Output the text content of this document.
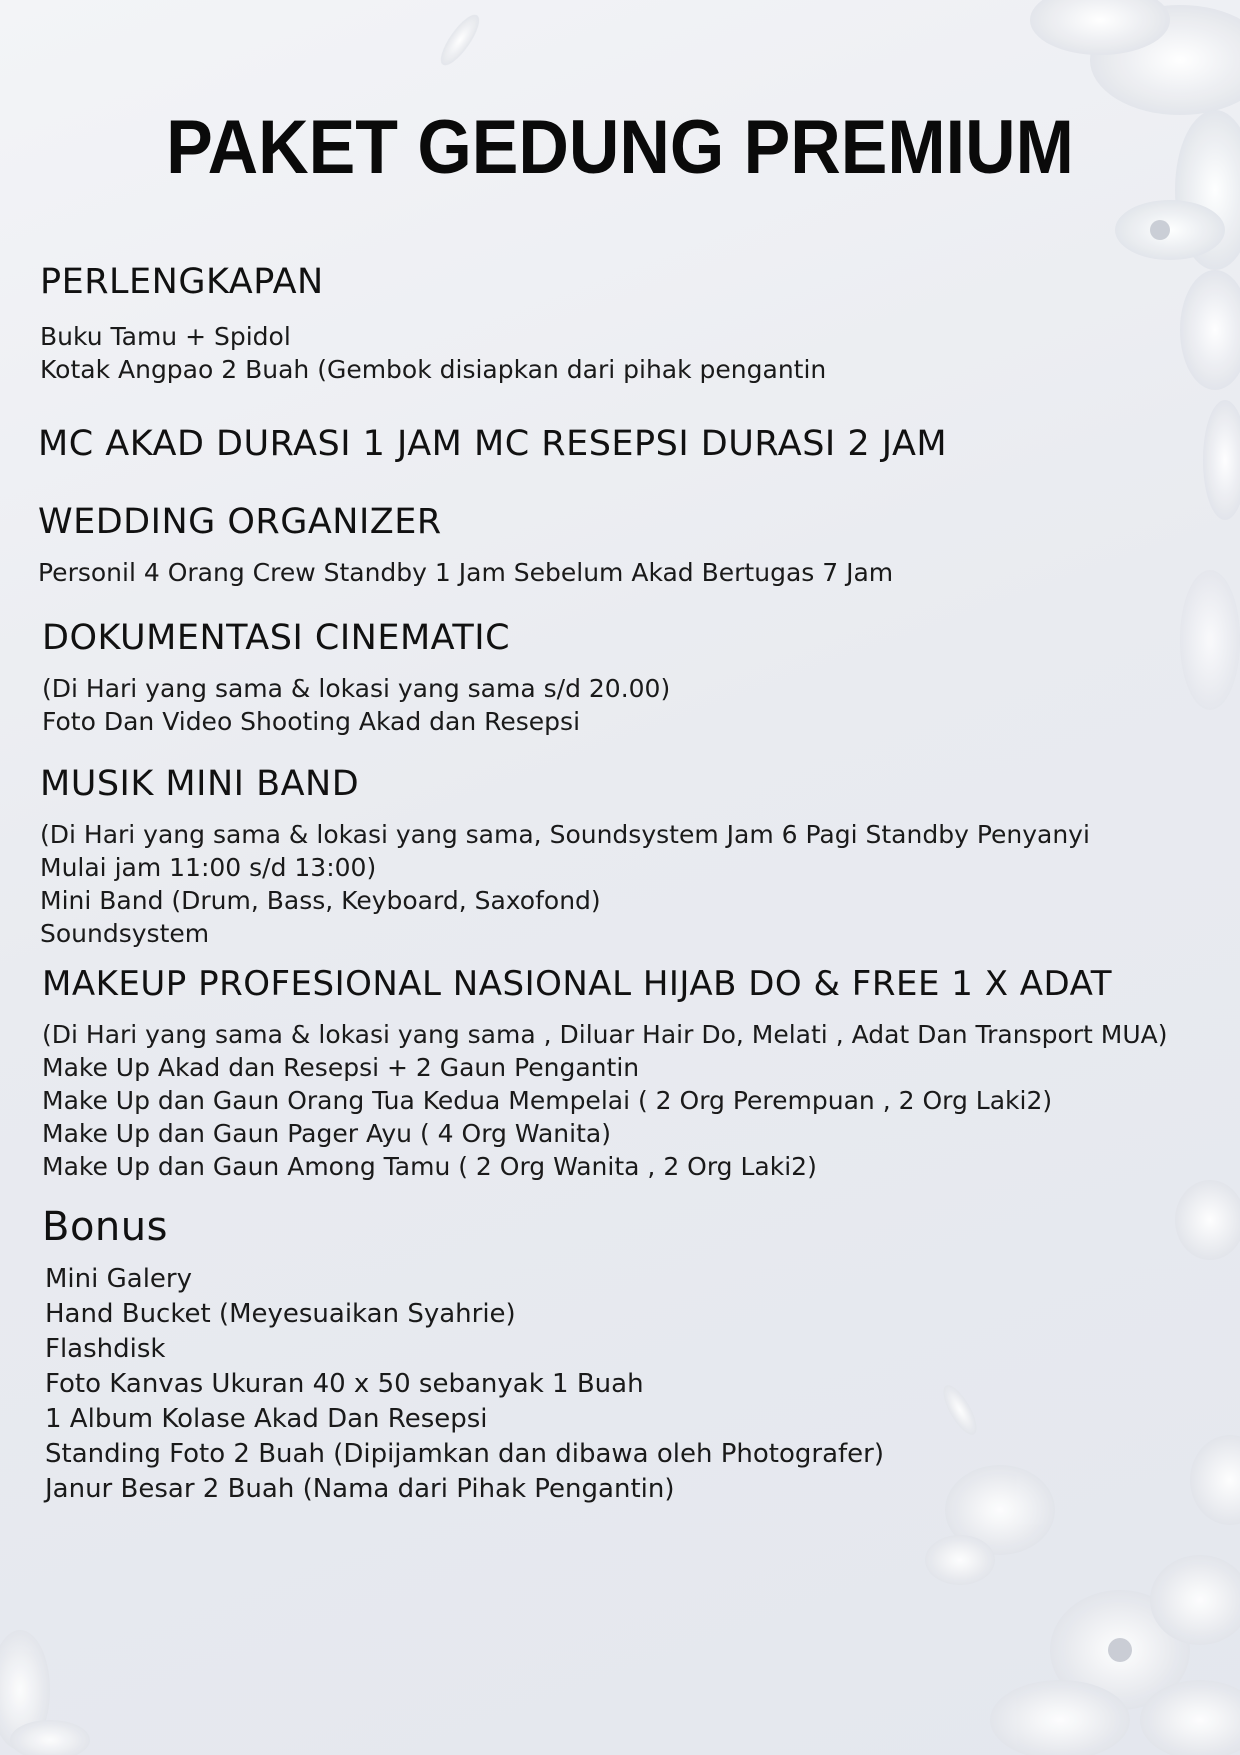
PAKET GEDUNG PREMIUM
PERLENGKAPAN
Buku Tamu + Spidol
Kotak Angpao 2 Buah (Gembok disiapkan dari pihak pengantin
MC AKAD DURASI 1 JAM MC RESEPSI DURASI 2 JAM
WEDDING ORGANIZER
Personil 4 Orang Crew Standby 1 Jam Sebelum Akad Bertugas 7 Jam
DOKUMENTASI CINEMATIC
(Di Hari yang sama & lokasi yang sama s/d 20.00)
Foto Dan Video Shooting Akad dan Resepsi
MUSIK MINI BAND
(Di Hari yang sama & lokasi yang sama, Soundsystem Jam 6 Pagi Standby Penyanyi
Mulai jam 11:00 s/d 13:00)
Mini Band (Drum, Bass, Keyboard, Saxofond)
Soundsystem
MAKEUP PROFESIONAL NASIONAL HIJAB DO & FREE 1 X ADAT
(Di Hari yang sama & lokasi yang sama , Diluar Hair Do, Melati , Adat Dan Transport MUA)
Make Up Akad dan Resepsi + 2 Gaun Pengantin
Make Up dan Gaun Orang Tua Kedua Mempelai ( 2 Org Perempuan , 2 Org Laki2)
Make Up dan Gaun Pager Ayu ( 4 Org Wanita)
Make Up dan Gaun Among Tamu ( 2 Org Wanita , 2 Org Laki2)
Bonus
Mini Galery
Hand Bucket (Meyesuaikan Syahrie)
Flashdisk
Foto Kanvas Ukuran 40 x 50 sebanyak 1 Buah
1 Album Kolase Akad Dan Resepsi
Standing Foto 2 Buah (Dipijamkan dan dibawa oleh Photografer)
Janur Besar 2 Buah (Nama dari Pihak Pengantin)
